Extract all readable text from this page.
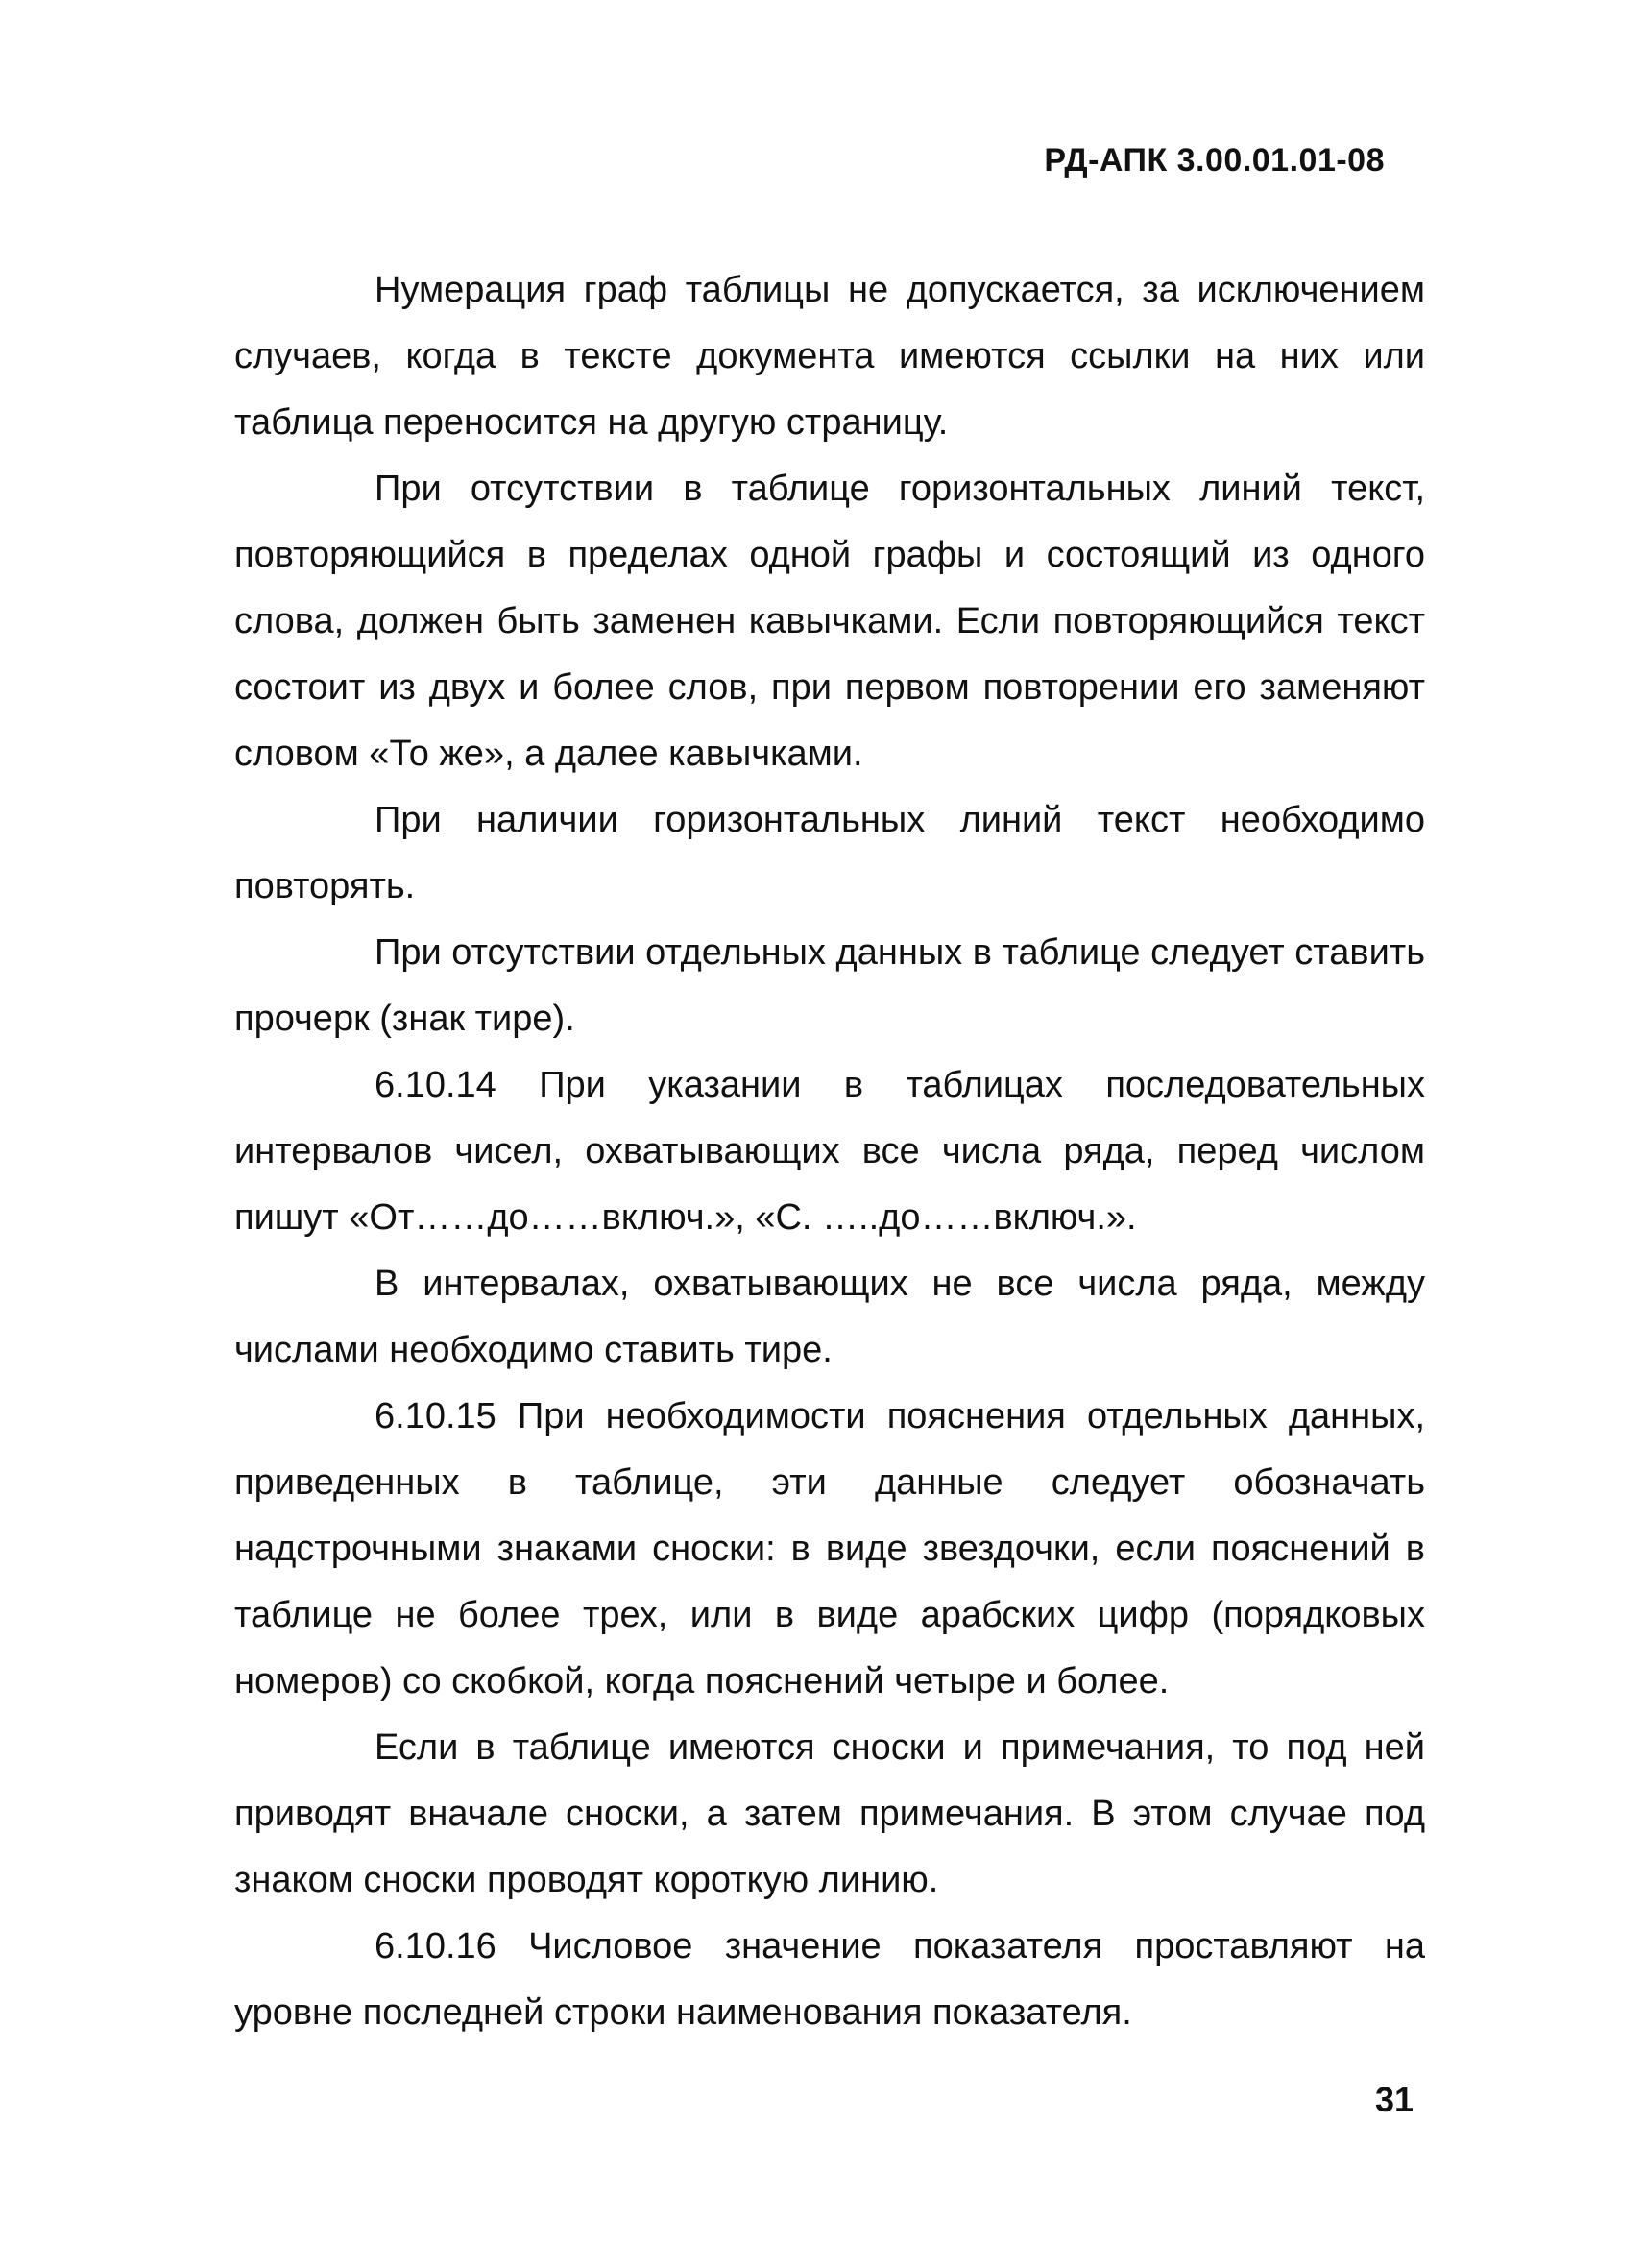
РД-АПК 3.00.01.01-08

Нумерация граф таблицы не допускается, за исключением случаев, когда в тексте документа имеются ссылки на них или таблица переносится на другую страницу.

При отсутствии в таблице горизонтальных линий текст, повторяющийся в пределах одной графы и состоящий из одного слова, должен быть заменен кавычками. Если повторяющийся текст состоит из двух и более слов, при первом повторении его заменяют словом «То же», а далее кавычками.

При наличии горизонтальных линий текст необходимо повторять.

При отсутствии отдельных данных в таблице следует ставить прочерк (знак тире).

6.10.14 При указании в таблицах последовательных интервалов чисел, охватывающих все числа ряда, перед числом пишут «От……до……включ.», «С. …..до……включ.».

В интервалах, охватывающих не все числа ряда, между числами необходимо ставить тире.

6.10.15 При необходимости пояснения отдельных данных, приведенных в таблице, эти данные следует обозначать надстрочными знаками сноски: в виде звездочки, если пояснений в таблице не более трех, или в виде арабских цифр (порядковых номеров) со скобкой, когда пояснений четыре и более.

Если в таблице имеются сноски и примечания, то под ней приводят вначале сноски, а затем примечания. В этом случае под знаком сноски проводят короткую линию.

6.10.16 Числовое значение показателя проставляют на уровне последней строки наименования показателя.

31
